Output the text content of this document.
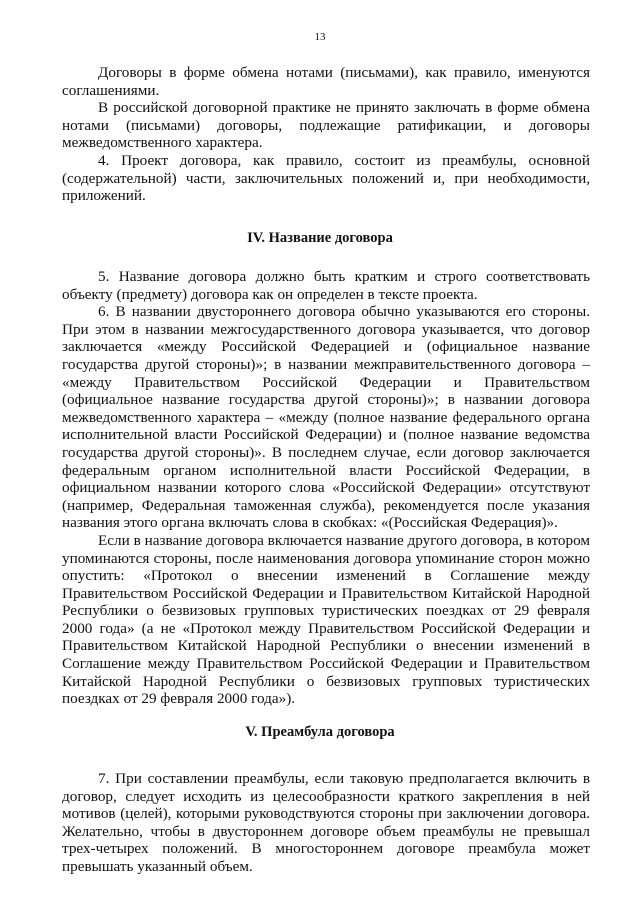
13

Договоры в форме обмена нотами (письмами), как правило, именуются соглашениями.

В российской договорной практике не принято заключать в форме обмена нотами (письмами) договоры, подлежащие ратификации, и договоры межведомственного характера.

4. Проект договора, как правило, состоит из преамбулы, основной (содержательной) части, заключительных положений и, при необходимости, приложений.

IV. Название договора

5. Название договора должно быть кратким и строго соответствовать объекту (предмету) договора как он определен в тексте проекта.

6. В названии двустороннего договора обычно указываются его стороны. При этом в названии межгосударственного договора указывается, что договор заключается «между Российской Федерацией и (официальное название государства другой стороны)»; в названии межправительственного договора – «между Правительством Российской Федерации и Правительством (официальное название государства другой стороны)»; в названии договора межведомственного характера – «между (полное название федерального органа исполнительной власти Российской Федерации) и (полное название ведомства государства другой стороны)». В последнем случае, если договор заключается федеральным органом исполнительной власти Российской Федерации, в официальном названии которого слова «Российской Федерации» отсутствуют (например, Федеральная таможенная служба), рекомендуется после указания названия этого органа включать слова в скобках: «(Российская Федерация)».

Если в название договора включается название другого договора, в котором упоминаются стороны, после наименования договора упоминание сторон можно опустить: «Протокол о внесении изменений в Соглашение между Правительством Российской Федерации и Правительством Китайской Народной Республики о безвизовых групповых туристических поездках от 29 февраля 2000 года» (а не «Протокол между Правительством Российской Федерации и Правительством Китайской Народной Республики о внесении изменений в Соглашение между Правительством Российской Федерации и Правительством Китайской Народной Республики о безвизовых групповых туристических поездках от 29 февраля 2000 года»).

V. Преамбула договора

7. При составлении преамбулы, если таковую предполагается включить в договор, следует исходить из целесообразности краткого закрепления в ней мотивов (целей), которыми руководствуются стороны при заключении договора. Желательно, чтобы в двустороннем договоре объем преамбулы не превышал трех-четырех положений. В многостороннем договоре преамбула может превышать указанный объем.
